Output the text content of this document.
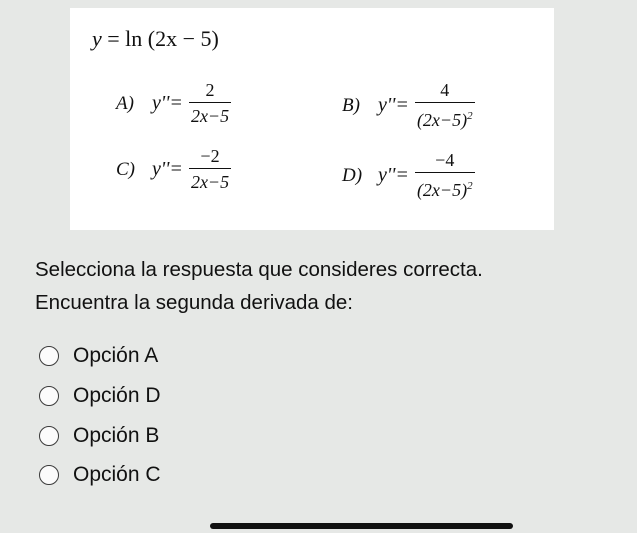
y = ln (2x − 5)
A) $y''= \frac{2}{2x-5}$	B) $y''= \frac{4}{(2x-5)^2}$
C) $y''= \frac{-2}{2x-5}$	D) $y''= \frac{-4}{(2x-5)^2}$
Selecciona la respuesta que consideres correcta.
Encuentra la segunda derivada de:
Opción A
Opción D
Opción B
Opción C
